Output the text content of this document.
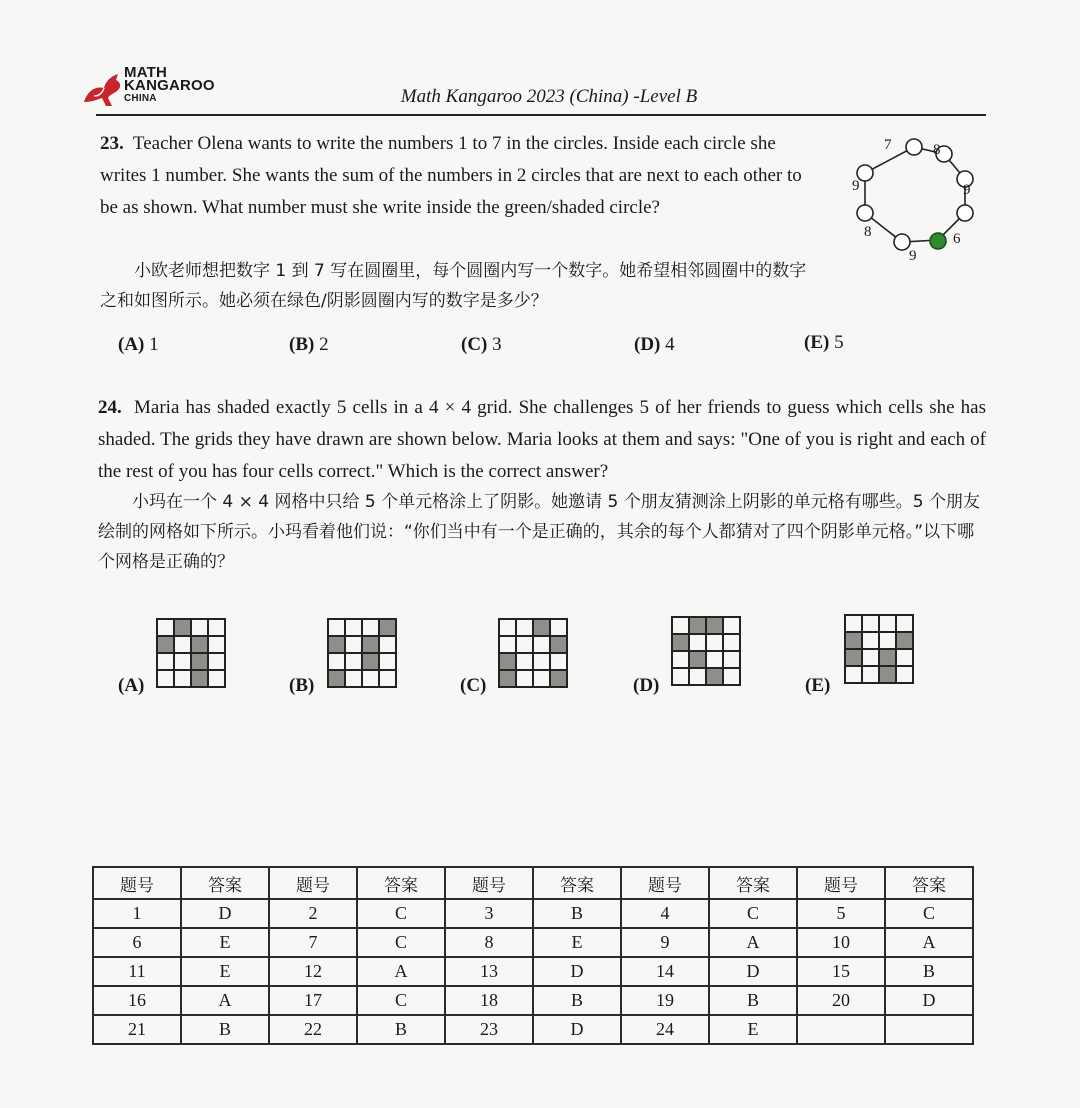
MATH
KANGAROO
CHINA	Math Kangaroo 2023 (China) -Level B
23. Teacher Olena wants to write the numbers 1 to 7 in the circles. Inside each circle she writes 1 number. She wants the sum of the numbers in 2 circles that are next to each other to be as shown. What number must she write inside the green/shaded circle?
小欧老师想把数字 1 到 7 写在圆圈里，每个圆圈内写一个数字。她希望相邻圆圈中的数字之和如图所示。她必须在绿色/阴影圆圈内写的数字是多少？
7	8
9
6
9
8
9
(A) 1	(B) 2	(C) 3	(D) 4	(E) 5
24. Maria has shaded exactly 5 cells in a 4 × 4 grid. She challenges 5 of her friends to guess which cells she has shaded. The grids they have drawn are shown below. Maria looks at them and says: "One of you is right and each of the rest of you has four cells correct." Which is the correct answer?
小玛在一个 4 × 4 网格中只给 5 个单元格涂上了阴影。她邀请 5 个朋友猜测涂上阴影的单元格有哪些。5 个朋友绘制的网格如下所示。小玛看着他们说：“你们当中有一个是正确的，其余的每个人都猜对了四个阴影单元格。”以下哪个网格是正确的？
(A)

				(B)

				(C)

				(D)

				(E)

题号	答案	题号	答案	题号	答案	题号	答案	题号	答案
1	D	2	C	3	B	4	C	5	C
6	E	7	C	8	E	9	A	10	A
11	E	12	A	13	D	14	D	15	B
16	A	17	C	18	B	19	B	20	D
21	B	22	B	23	D	24	E		
